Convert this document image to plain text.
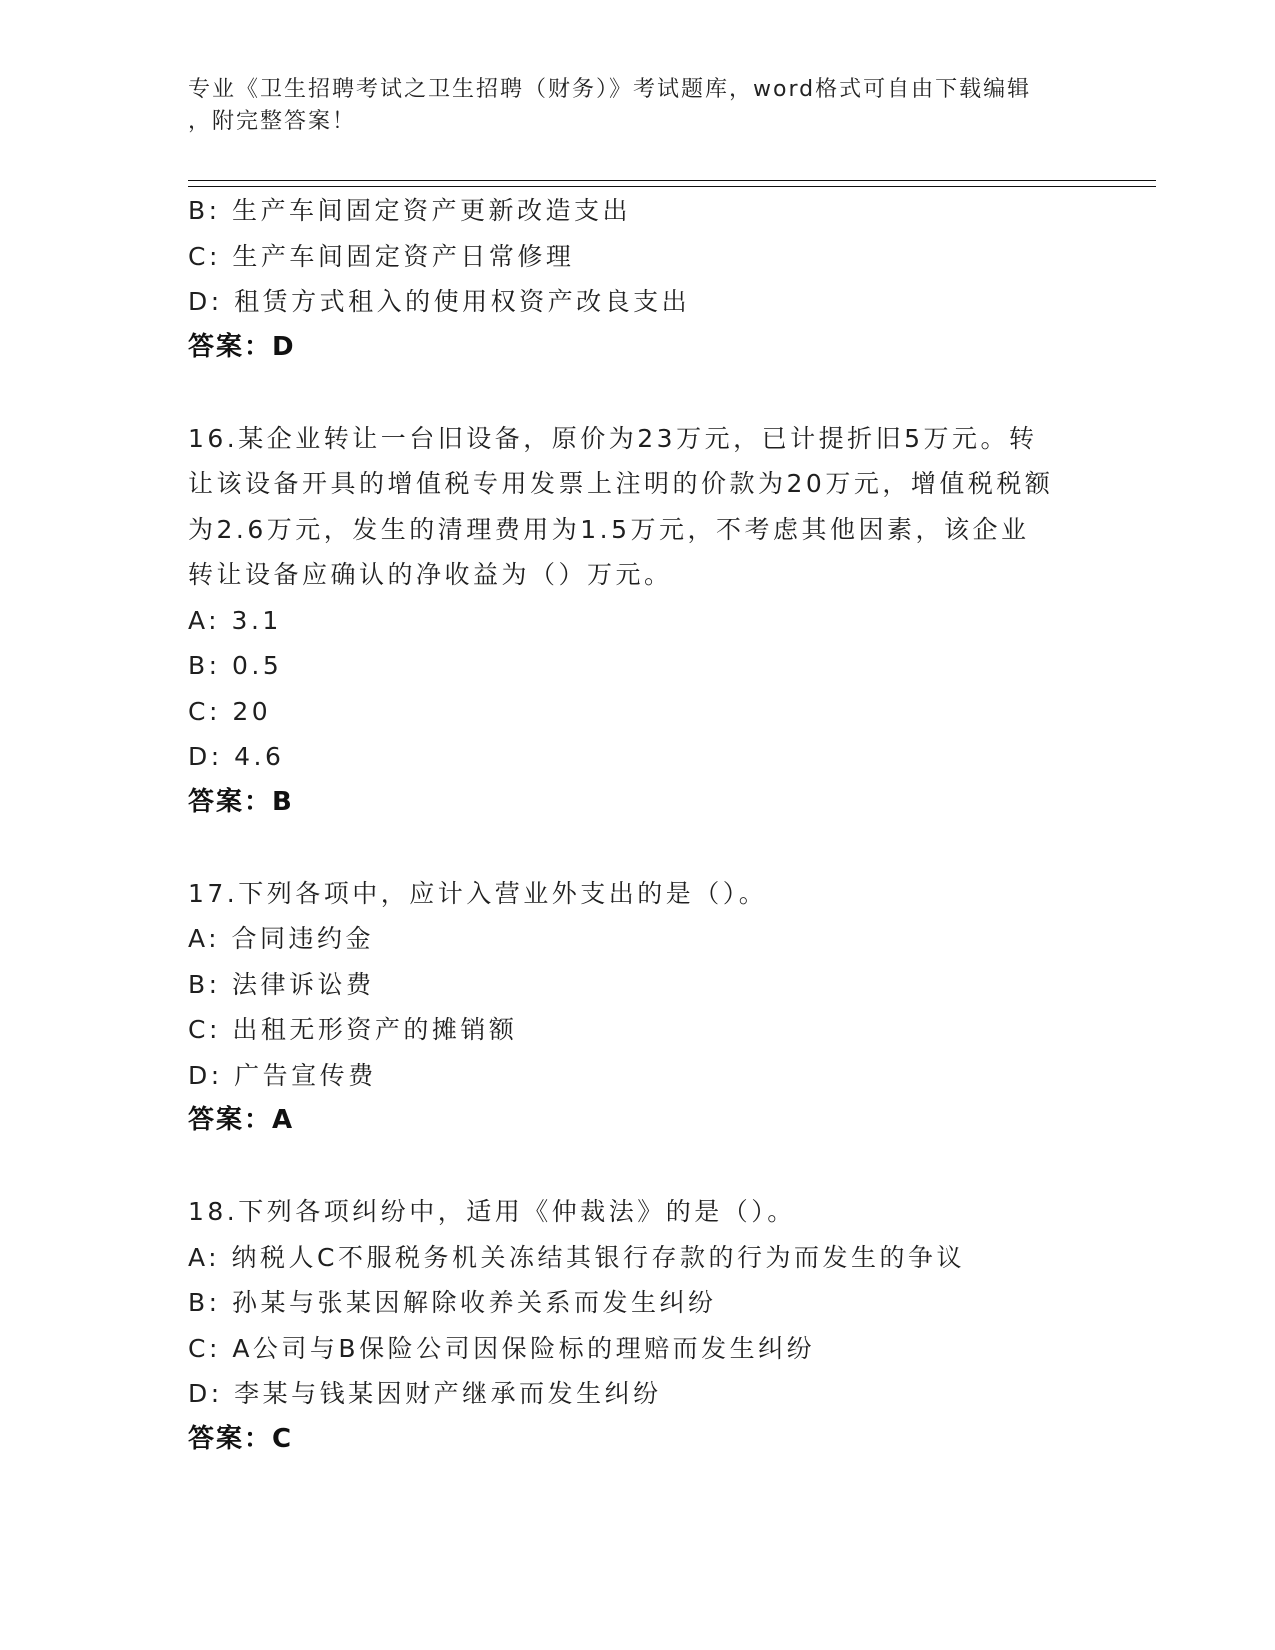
专业《卫生招聘考试之卫生招聘（财务）》考试题库，word格式可自由下载编辑
，附完整答案！
B: 生产车间固定资产更新改造支出
C: 生产车间固定资产日常修理
D: 租赁方式租入的使用权资产改良支出
答案：D
16.某企业转让一台旧设备，原价为23万元，已计提折旧5万元。转
让该设备开具的增值税专用发票上注明的价款为20万元，增值税税额
为2.6万元，发生的清理费用为1.5万元，不考虑其他因素，该企业
转让设备应确认的净收益为（）万元。
A: 3.1
B: 0.5
C: 20
D: 4.6
答案：B
17.下列各项中，应计入营业外支出的是（）。
A: 合同违约金
B: 法律诉讼费
C: 出租无形资产的摊销额
D: 广告宣传费
答案：A
18.下列各项纠纷中，适用《仲裁法》的是（）。
A: 纳税人C不服税务机关冻结其银行存款的行为而发生的争议
B: 孙某与张某因解除收养关系而发生纠纷
C: A公司与B保险公司因保险标的理赔而发生纠纷
D: 李某与钱某因财产继承而发生纠纷
答案：C
